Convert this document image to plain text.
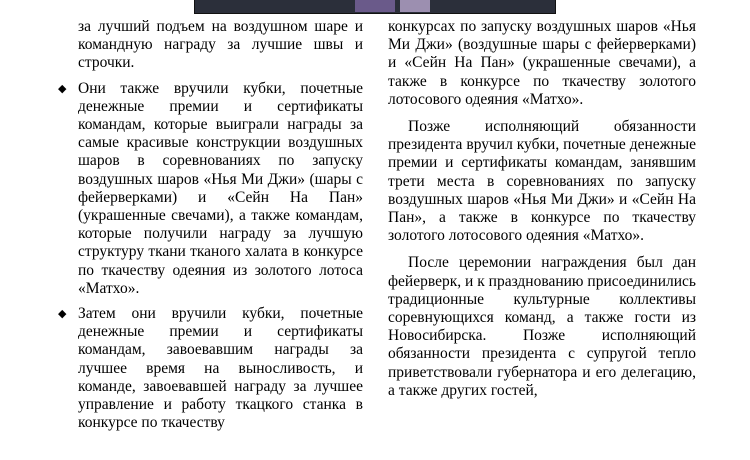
за лучший подъем на воздушном шаре и командную награду за лучшие швы и строчки.

◆ Они также вручили кубки, почетные денежные премии и сертификаты командам, которые выиграли награды за самые красивые конструкции воздушных шаров в соревнованиях по запуску воздушных шаров «Нья Ми Джи» (шары с фейерверками) и «Сейн На Пан» (украшенные свечами), а также командам, которые получили награду за лучшую структуру ткани тканого халата в конкурсе по ткачеству одеяния из золотого лотоса «Матхо».

◆ Затем они вручили кубки, почетные денежные премии и сертификаты командам, завоевавшим награды за лучшее время на выносливость, и команде, завоевавшей награду за лучшее управление и работу ткацкого станка в конкурсе по ткачеству

конкурсах по запуску воздушных шаров «Нья Ми Джи» (воздушные шары с фейерверками) и «Сейн На Пан» (украшенные свечами), а также в конкурсе по ткачеству золотого лотосового одеяния «Матхо».

Позже исполняющий обязанности президента вручил кубки, почетные денежные премии и сертификаты командам, занявшим трети места в соревнованиях по запуску воздушных шаров «Нья Ми Джи» и «Сейн На Пан», а также в конкурсе по ткачеству золотого лотосового одеяния «Матхо».

После церемонии награждения был дан фейерверк, и к празднованию присоединились традиционные культурные коллективы соревнующихся команд, а также гости из Новосибирска. Позже исполняющий обязанности президента с супругой тепло приветствовали губернатора и его делегацию, а также других гостей,
